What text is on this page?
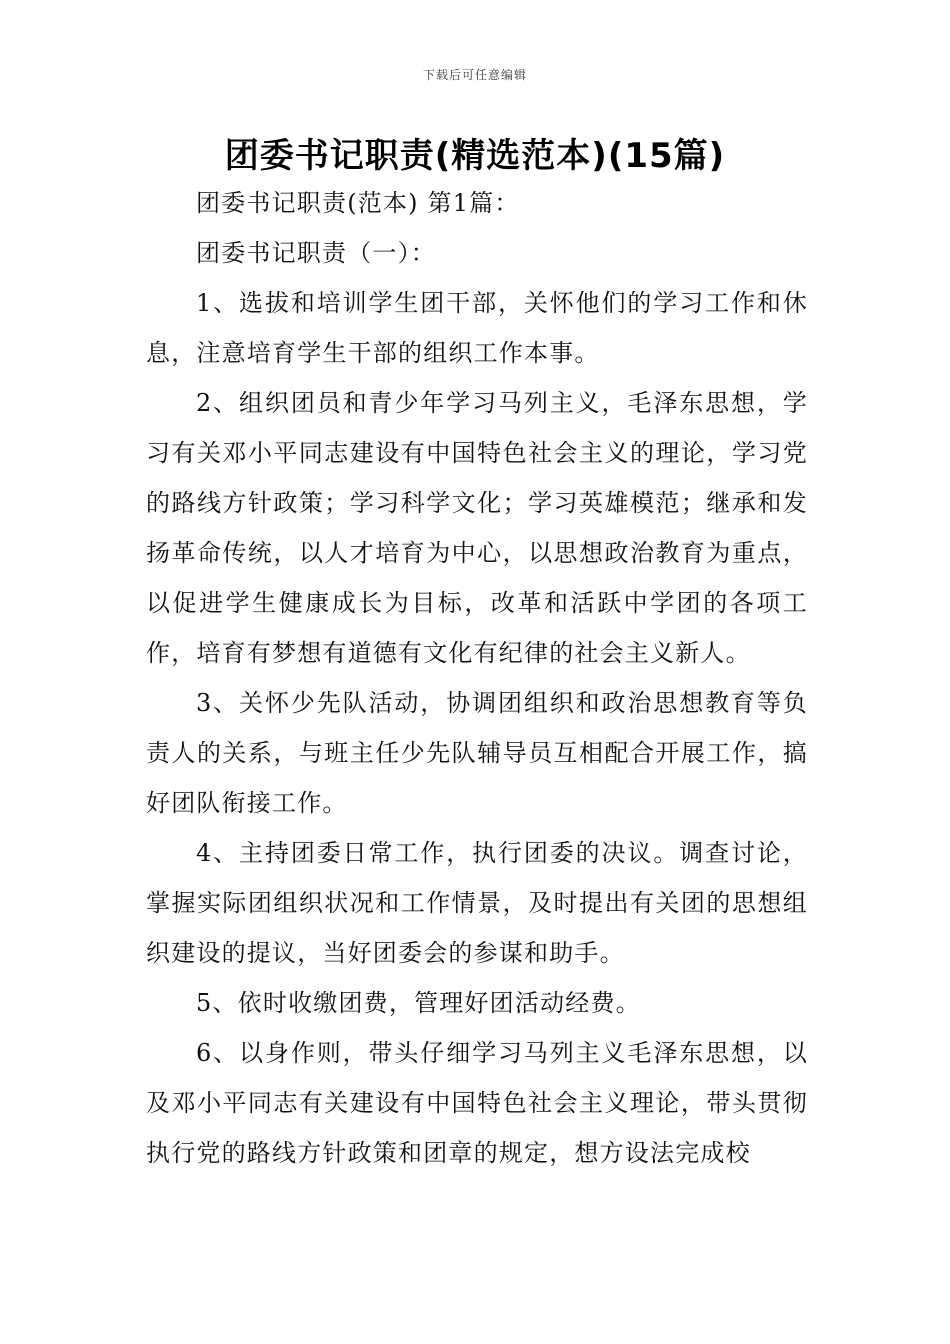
下载后可任意编辑
团委书记职责(精选范本)(15篇)

团委书记职责(范本) 第1篇：

团委书记职责（一）：

1、选拔和培训学生团干部，关怀他们的学习工作和休息，注意培育学生干部的组织工作本事。

2、组织团员和青少年学习马列主义，毛泽东思想，学习有关邓小平同志建设有中国特色社会主义的理论，学习党的路线方针政策；学习科学文化；学习英雄模范；继承和发扬革命传统，以人才培育为中心，以思想政治教育为重点，以促进学生健康成长为目标，改革和活跃中学团的各项工作，培育有梦想有道德有文化有纪律的社会主义新人。

3、关怀少先队活动，协调团组织和政治思想教育等负责人的关系，与班主任少先队辅导员互相配合开展工作，搞好团队衔接工作。

4、主持团委日常工作，执行团委的决议。调查讨论，掌握实际团组织状况和工作情景，及时提出有关团的思想组织建设的提议，当好团委会的参谋和助手。

5、依时收缴团费，管理好团活动经费。

6、以身作则，带头仔细学习马列主义毛泽东思想，以及邓小平同志有关建设有中国特色社会主义理论，带头贯彻执行党的路线方针政策和团章的规定，想方设法完成校
